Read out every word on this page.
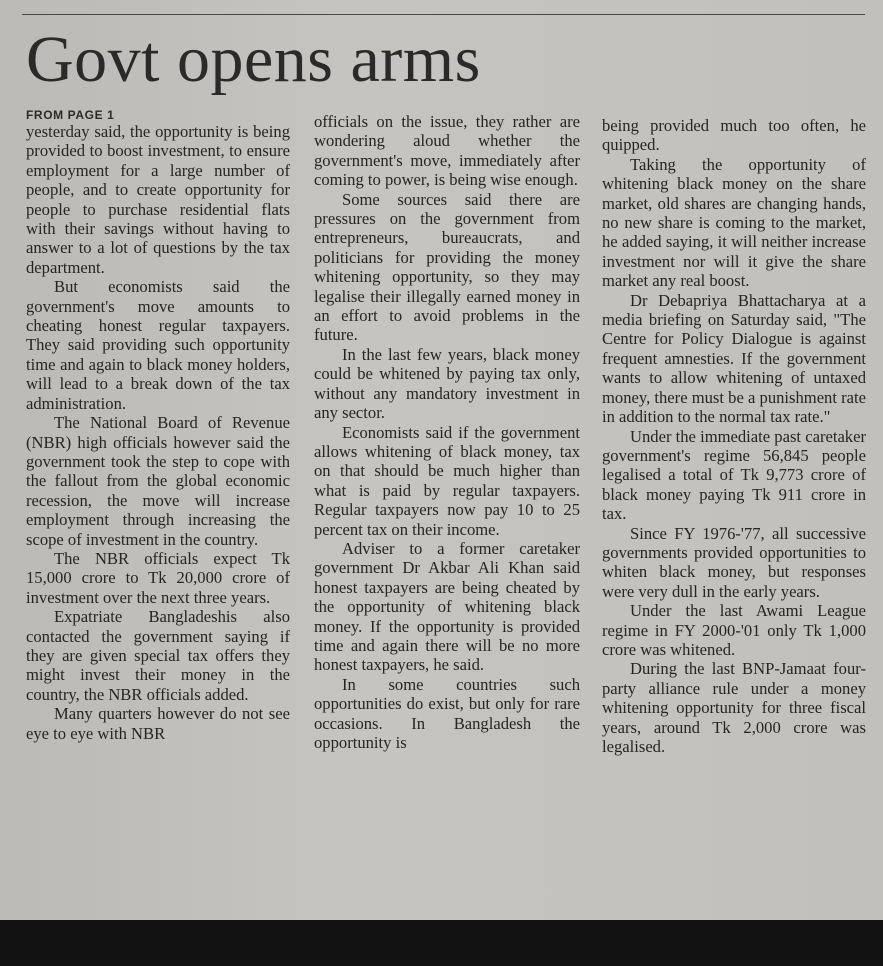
Govt opens arms
FROM PAGE 1

yesterday said, the opportunity is being provided to boost investment, to ensure employment for a large number of people, and to create opportunity for people to purchase residential flats with their savings without having to answer to a lot of questions by the tax department.

But economists said the government's move amounts to cheating honest regular taxpayers. They said providing such opportunity time and again to black money holders, will lead to a break down of the tax administration.

The National Board of Revenue (NBR) high officials however said the government took the step to cope with the fallout from the global economic recession, the move will increase employment through increasing the scope of investment in the country.

The NBR officials expect Tk 15,000 crore to Tk 20,000 crore of investment over the next three years.

Expatriate Bangladeshis also contacted the government saying if they are given special tax offers they might invest their money in the country, the NBR officials added.

Many quarters however do not see eye to eye with NBR

officials on the issue, they rather are wondering aloud whether the government's move, immediately after coming to power, is being wise enough.

Some sources said there are pressures on the government from entrepreneurs, bureaucrats, and politicians for providing the money whitening opportunity, so they may legalise their illegally earned money in an effort to avoid problems in the future.

In the last few years, black money could be whitened by paying tax only, without any mandatory investment in any sector.

Economists said if the government allows whitening of black money, tax on that should be much higher than what is paid by regular taxpayers. Regular taxpayers now pay 10 to 25 percent tax on their income.

Adviser to a former caretaker government Dr Akbar Ali Khan said honest taxpayers are being cheated by the opportunity of whitening black money. If the opportunity is provided time and again there will be no more honest taxpayers, he said.

In some countries such opportunities do exist, but only for rare occasions. In Bangladesh the opportunity is

being provided much too often, he quipped.

Taking the opportunity of whitening black money on the share market, old shares are changing hands, no new share is coming to the market, he added saying, it will neither increase investment nor will it give the share market any real boost.

Dr Debapriya Bhattacharya at a media briefing on Saturday said, "The Centre for Policy Dialogue is against frequent amnesties. If the government wants to allow whitening of untaxed money, there must be a punishment rate in addition to the normal tax rate."

Under the immediate past caretaker government's regime 56,845 people legalised a total of Tk 9,773 crore of black money paying Tk 911 crore in tax.

Since FY 1976-'77, all successive governments provided opportunities to whiten black money, but responses were very dull in the early years.

Under the last Awami League regime in FY 2000-'01 only Tk 1,000 crore was whitened.

During the last BNP-Jamaat four-party alliance rule under a money whitening opportunity for three fiscal years, around Tk 2,000 crore was legalised.
